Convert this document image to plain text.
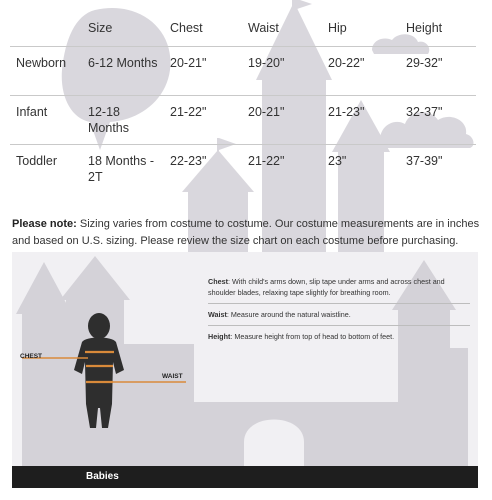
	Size	Chest	Waist	Hip	Height
Newborn	6-12 Months	20-21"	19-20"	20-22"	29-32"
Infant	12-18 Months	21-22"	20-21"	21-23"	32-37"
Toddler	18 Months - 2T	22-23"	21-22"	23"	37-39"

Please note: Sizing varies from costume to costume. Our costume measurements are in inches and based on U.S. sizing. Please review the size chart on each costume before purchasing.

Chest: With child's arms down, slip tape under arms and across chest and shoulder blades, relaxing tape slightly for breathing room.
Waist: Measure around the natural waistline.
Height: Measure height from top of head to bottom of feet.
CHEST
WAIST
Babies
